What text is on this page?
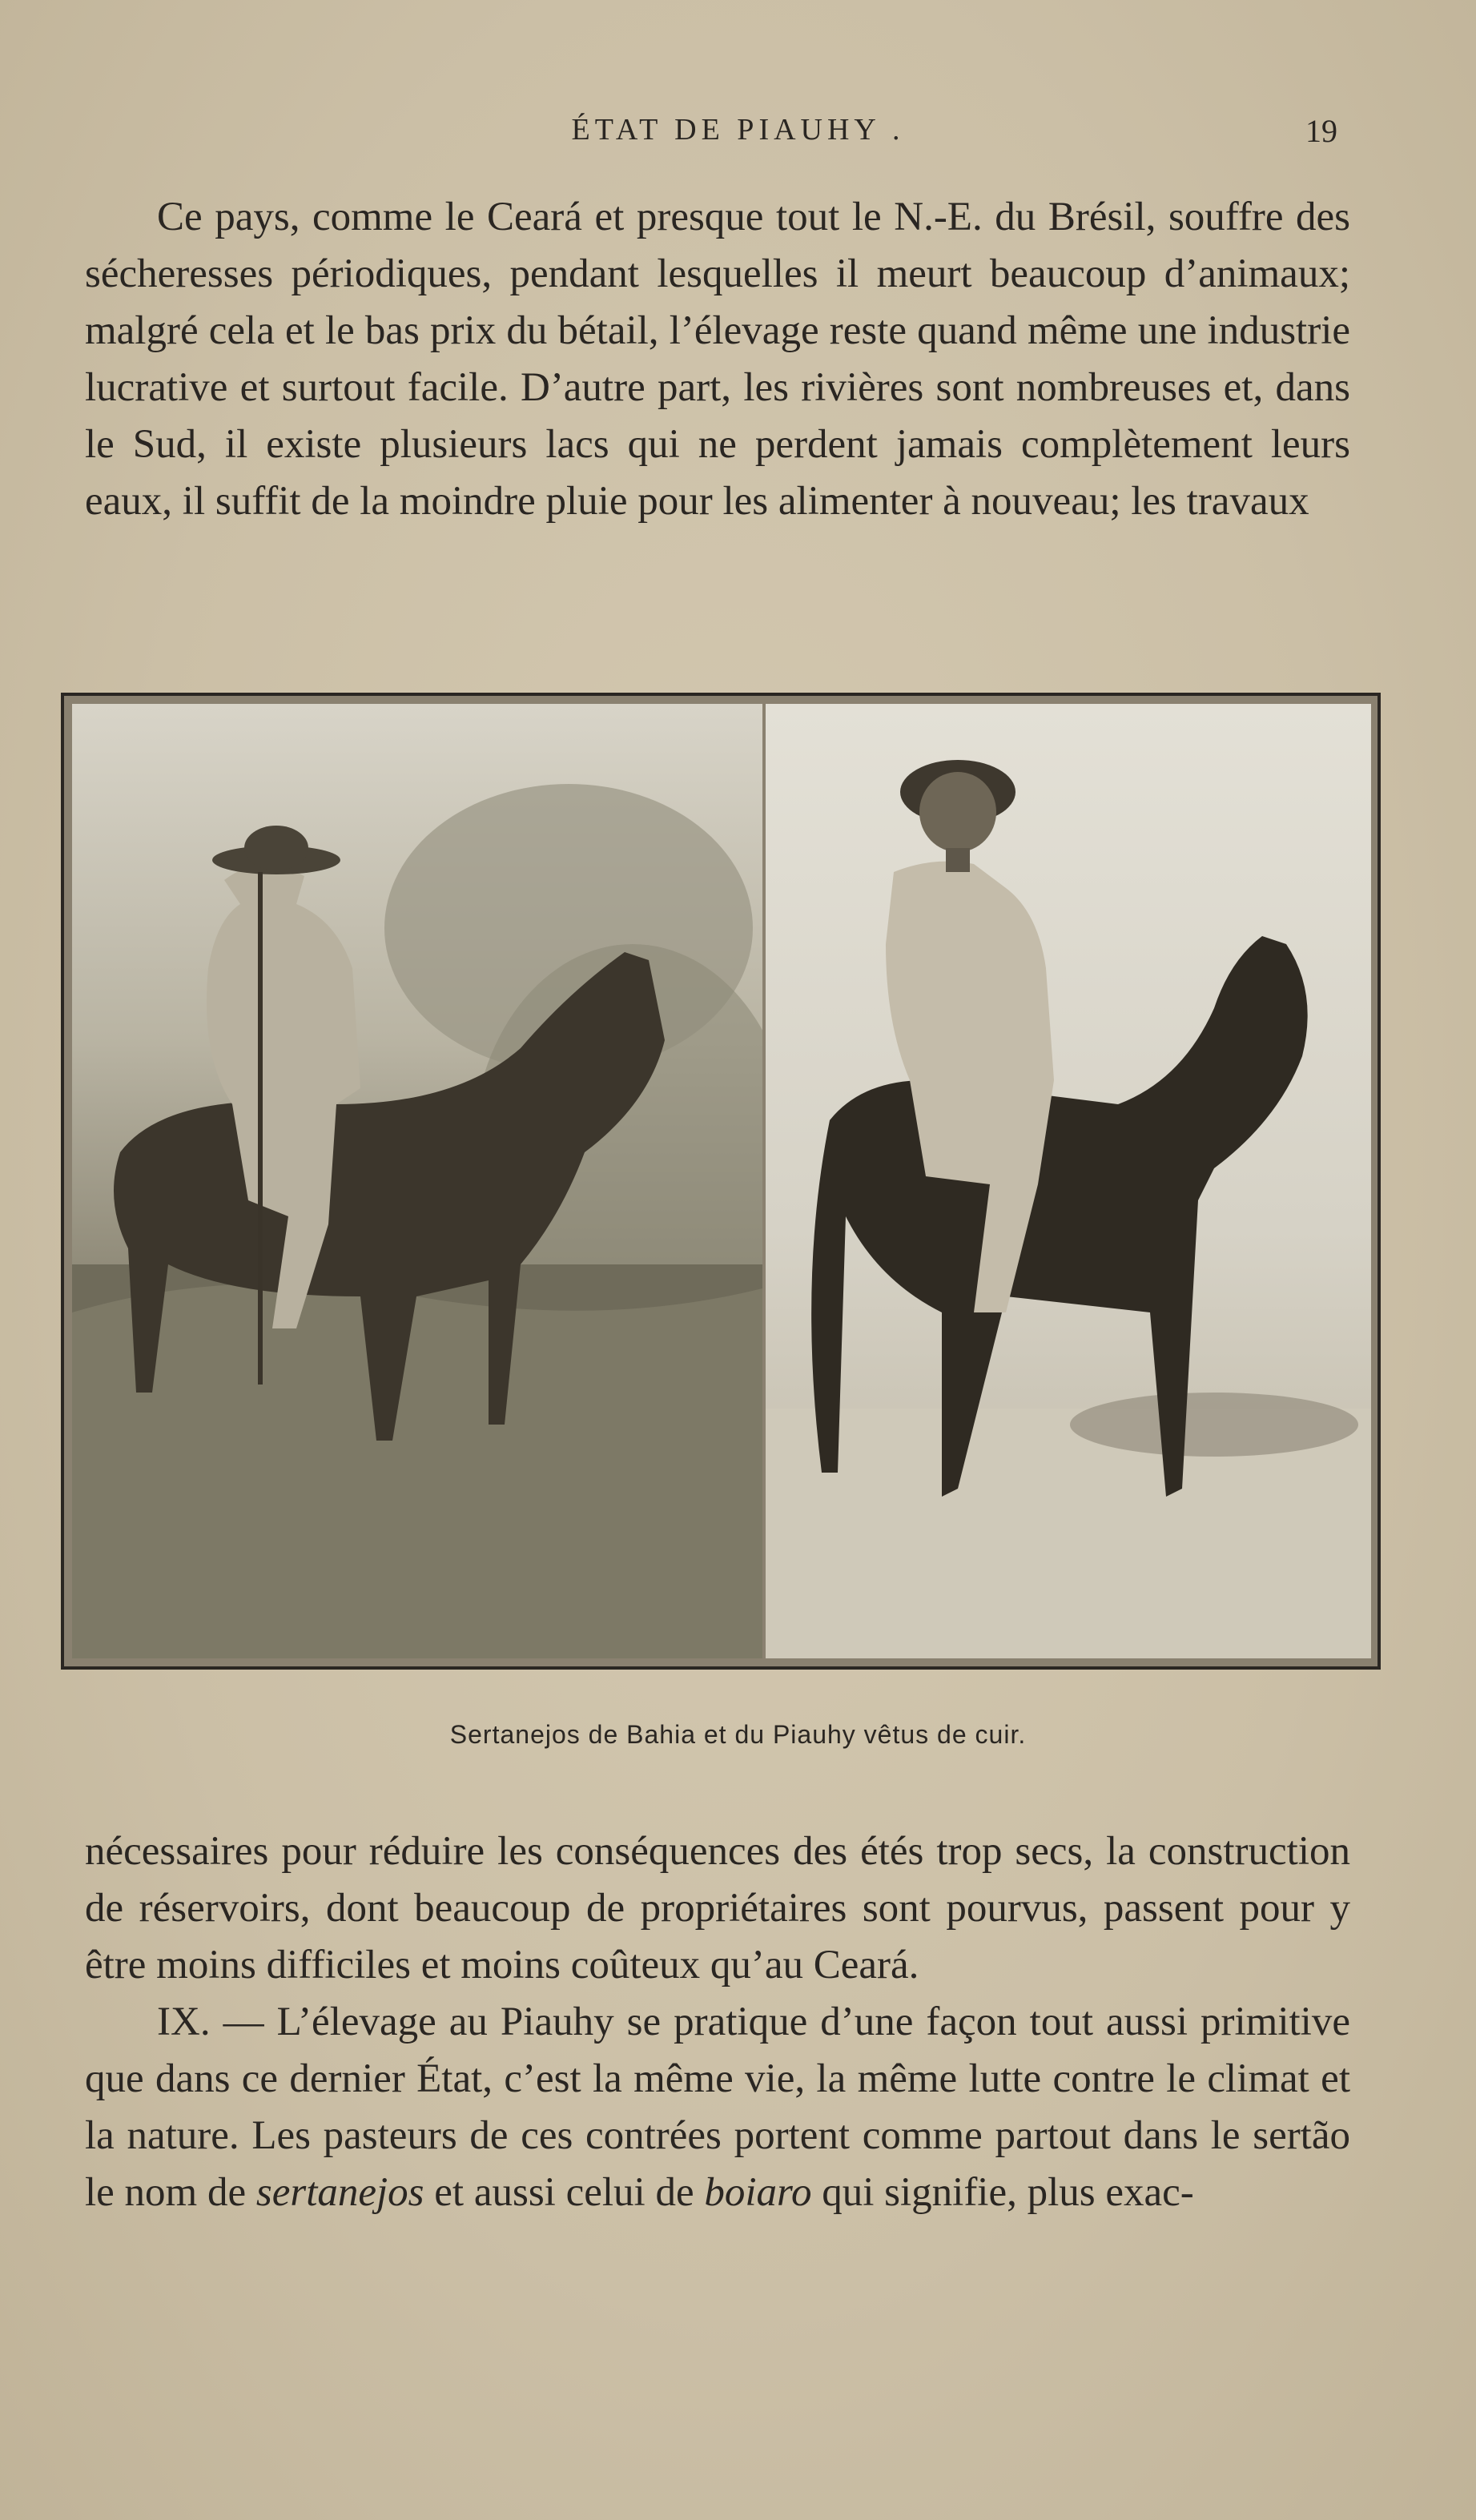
ÉTAT DE PIAUHY .	19

Ce pays, comme le Ceará et presque tout le N.-E. du Brésil, souffre des sécheresses périodiques, pendant lesquelles il meurt beaucoup d’animaux; malgré cela et le bas prix du bétail, l’élevage reste quand même une industrie lucrative et surtout facile. D’autre part, les rivières sont nombreuses et, dans le Sud, il existe plusieurs lacs qui ne perdent jamais complètement leurs eaux, il suffit de la moindre pluie pour les alimenter à nouveau; les travaux

Sertanejos de Bahia et du Piauhy vêtus de cuir.

nécessaires pour réduire les conséquences des étés trop secs, la construction de réservoirs, dont beaucoup de propriétaires sont pourvus, passent pour y être moins difficiles et moins coûteux qu’au Ceará.

IX. — L’élevage au Piauhy se pratique d’une façon tout aussi primitive que dans ce dernier État, c’est la même vie, la même lutte contre le climat et la nature. Les pasteurs de ces contrées portent comme partout dans le sertão le nom de sertanejos et aussi celui de boiaro qui signifie, plus exac-
